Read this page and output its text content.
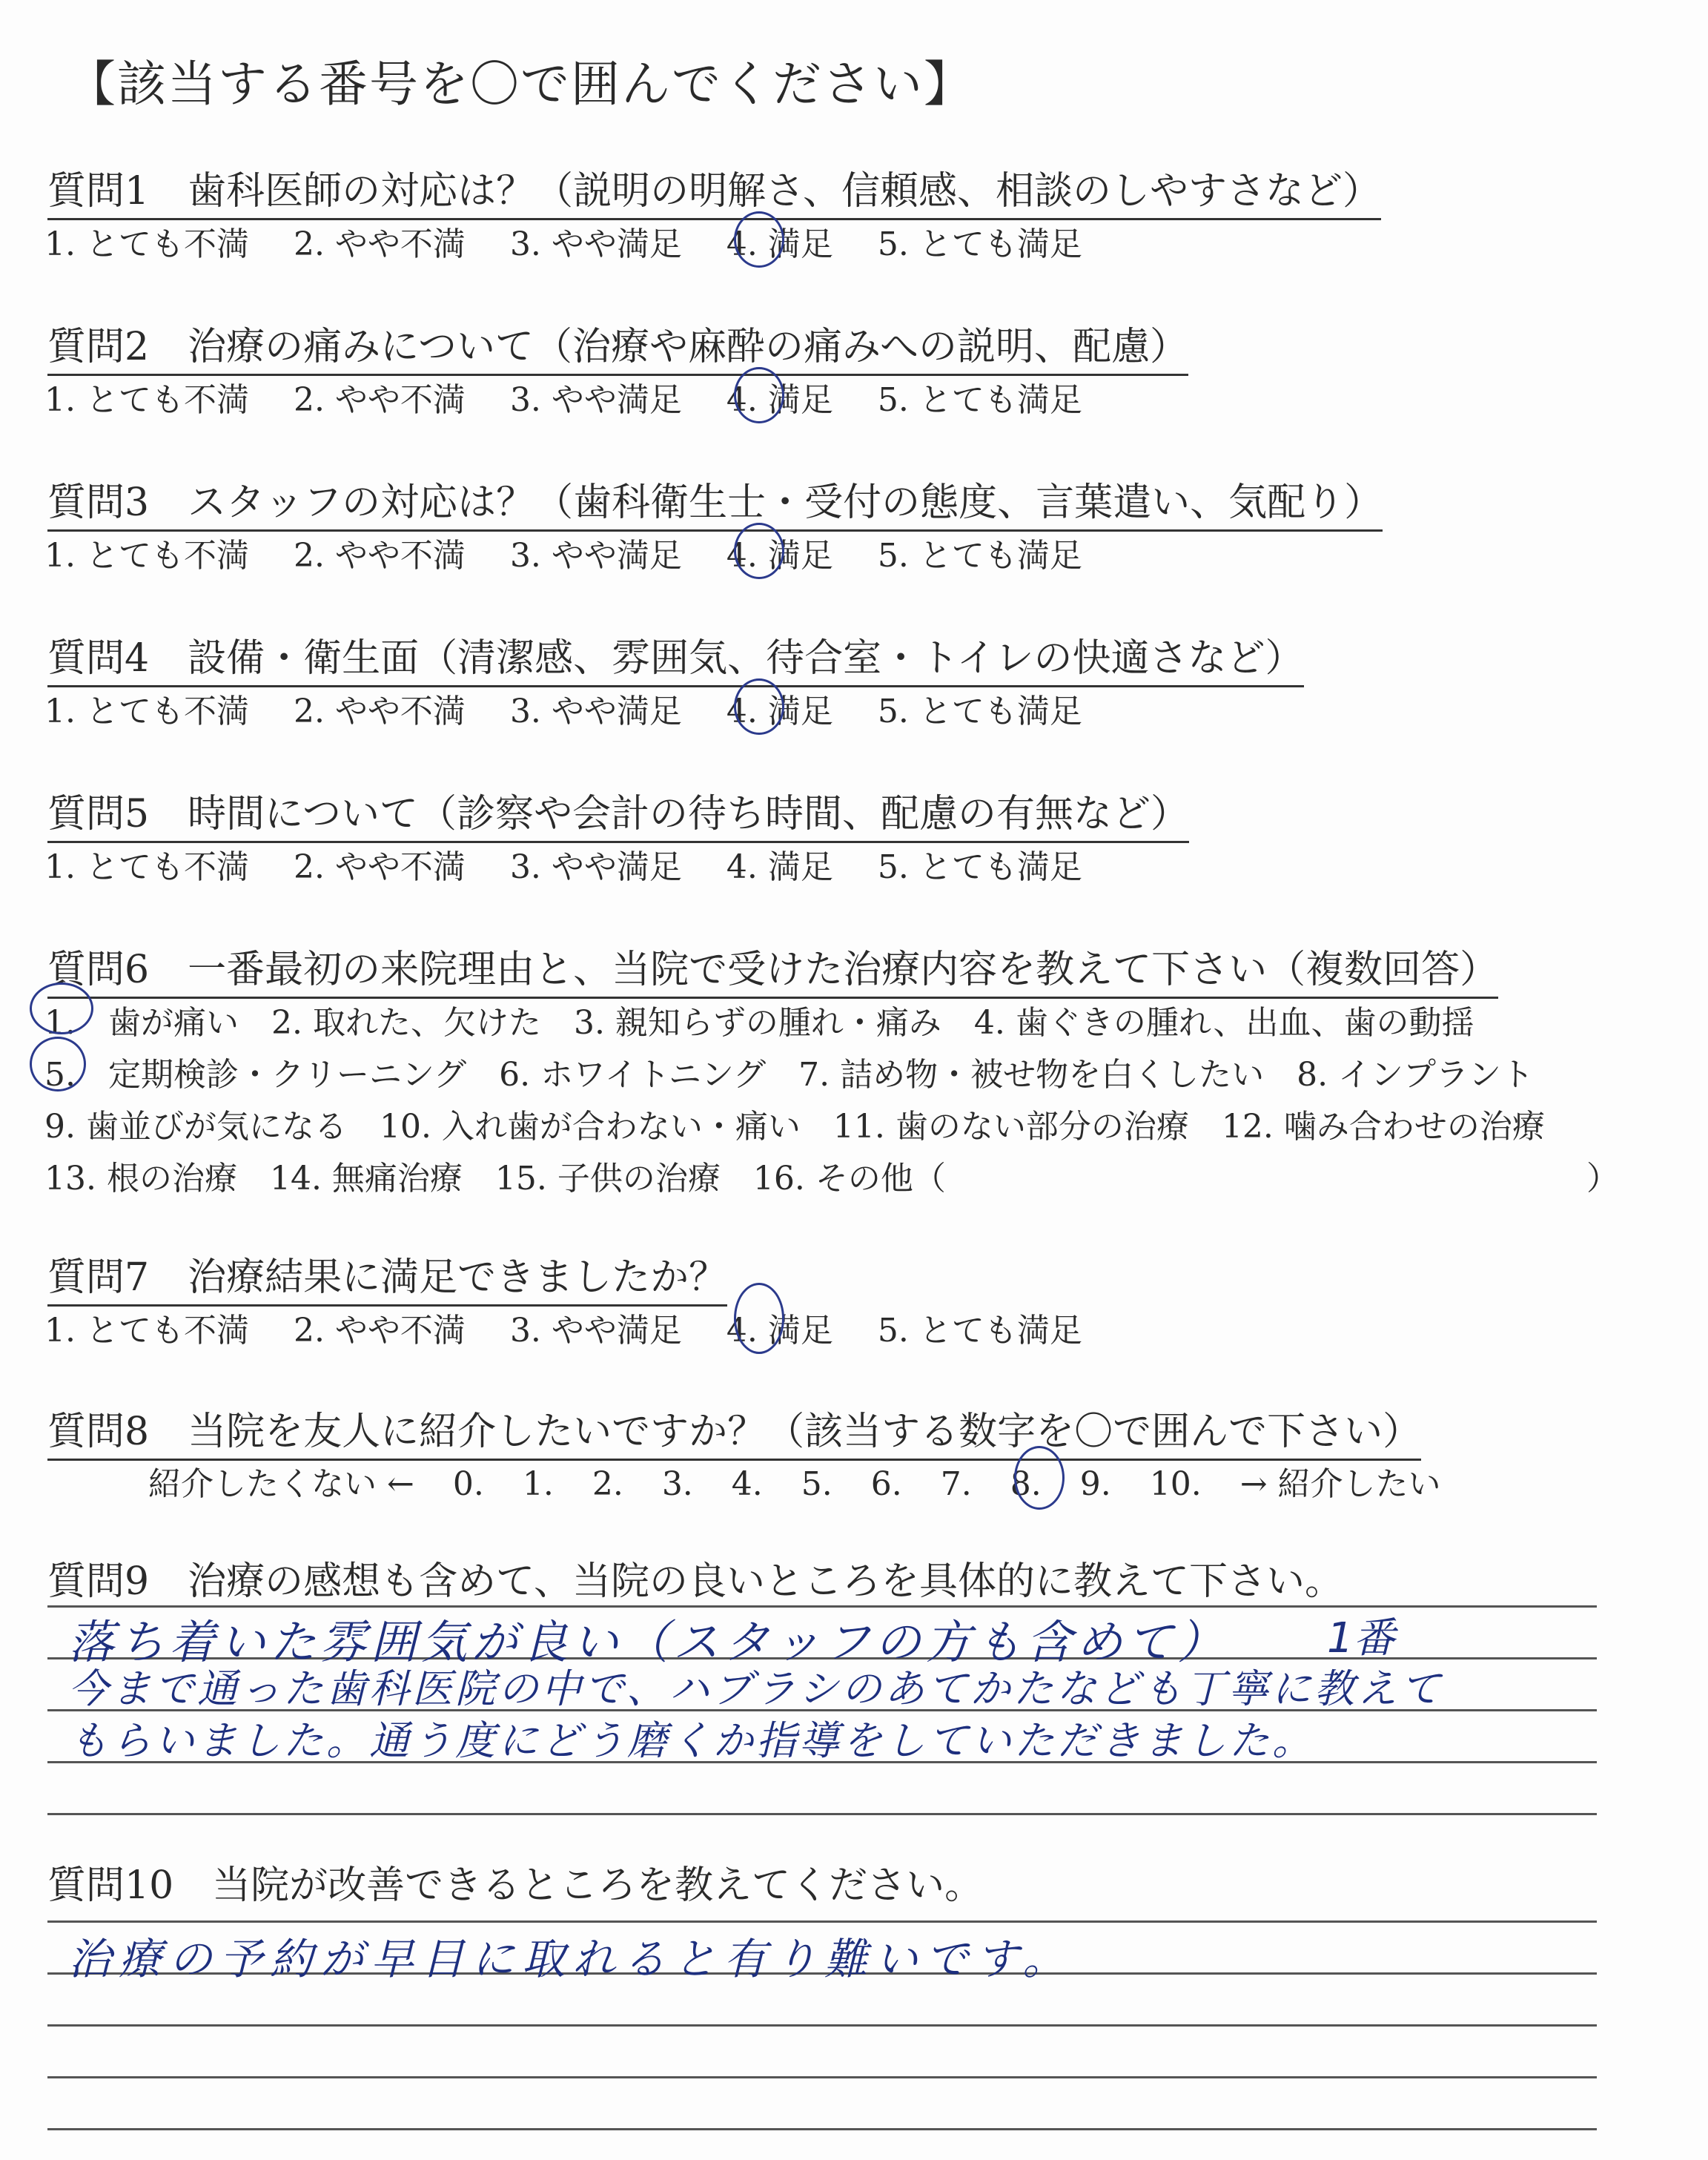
【該当する番号を〇で囲んでください】
質問1　歯科医師の対応は？（説明の明解さ、信頼感、相談のしやすさなど）
1. とても不満 2. やや不満 3. やや満足 4. 満足 5. とても満足
質問2　治療の痛みについて（治療や麻酔の痛みへの説明、配慮）
1. とても不満 2. やや不満 3. やや満足 4. 満足 5. とても満足
質問3　スタッフの対応は？（歯科衛生士・受付の態度、言葉遣い、気配り）
1. とても不満 2. やや不満 3. やや満足 4. 満足 5. とても満足
質問4　設備・衛生面（清潔感、雰囲気、待合室・トイレの快適さなど）
1. とても不満 2. やや不満 3. やや満足 4. 満足 5. とても満足
質問5　時間について（診察や会計の待ち時間、配慮の有無など）
1. とても不満 2. やや不満 3. やや満足 4. 満足 5. とても満足
質問6　一番最初の来院理由と、当院で受けた治療内容を教えて下さい（複数回答）
1.　歯が痛い　2. 取れた、欠けた　3. 親知らずの腫れ・痛み　4. 歯ぐきの腫れ、出血、歯の動揺
5.　定期検診・クリーニング　6. ホワイトニング　7. 詰め物・被せ物を白くしたい　8. インプラント
9. 歯並びが気になる　10. 入れ歯が合わない・痛い　11. 歯のない部分の治療　12. 噛み合わせの治療
13. 根の治療　14. 無痛治療　15. 子供の治療　16. その他（	）
質問7　治療結果に満足できましたか？
1. とても不満 2. やや不満 3. やや満足 4. 満足 5. とても満足
質問8　当院を友人に紹介したいですか？（該当する数字を〇で囲んで下さい）
紹介したくない ← 0. 1. 2. 3. 4. 5. 6. 7. 8. 9. 10. → 紹介したい
質問9　治療の感想も含めて、当院の良いところを具体的に教えて下さい。
落ち着いた雰囲気が良い（スタッフの方も含めて） 1番
今まで通った歯科医院の中で、ハブラシのあてかたなども丁寧に教えて
もらいました。通う度にどう磨くか指導をしていただきました。
質問10　当院が改善できるところを教えてください。
治療の予約が早目に取れると有り難いです。
